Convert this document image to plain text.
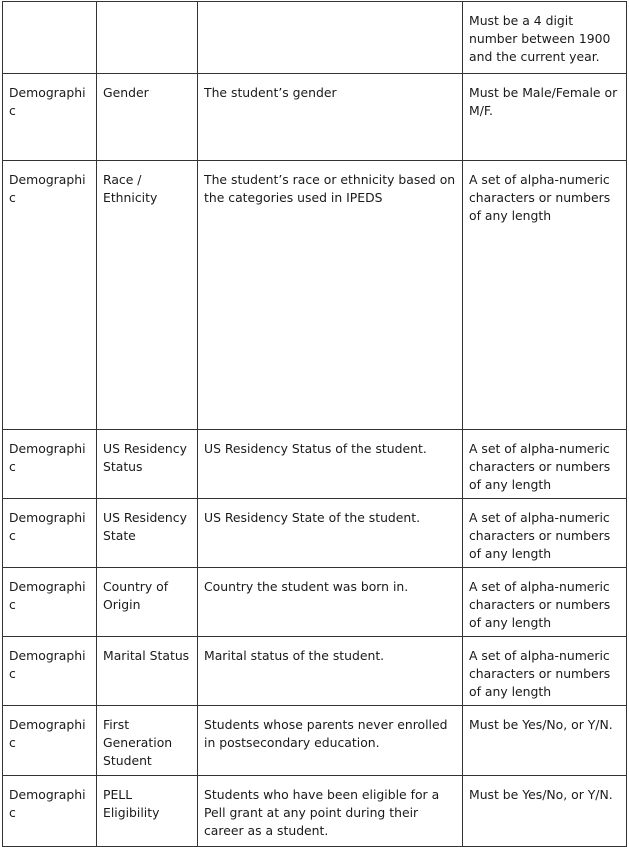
			Must be a 4 digit number between 1900 and the current year.
Demographic	Gender	The student’s gender	Must be Male/Female or M/F.
Demographic	Race / Ethnicity	The student’s race or ethnicity based on the categories used in IPEDS	A set of alpha-numeric characters or numbers of any length
Demographic	US Residency Status	US Residency Status of the student.	A set of alpha-numeric characters or numbers of any length
Demographic	US Residency State	US Residency State of the student.	A set of alpha-numeric characters or numbers of any length
Demographic	Country of Origin	Country the student was born in.	A set of alpha-numeric characters or numbers of any length
Demographic	Marital Status	Marital status of the student.	A set of alpha-numeric characters or numbers of any length
Demographic	First Generation Student	Students whose parents never enrolled in postsecondary education.	Must be Yes/No, or Y/N.
Demographic	PELL Eligibility	Students who have been eligible for a Pell grant at any point during their career as a student.	Must be Yes/No, or Y/N.
